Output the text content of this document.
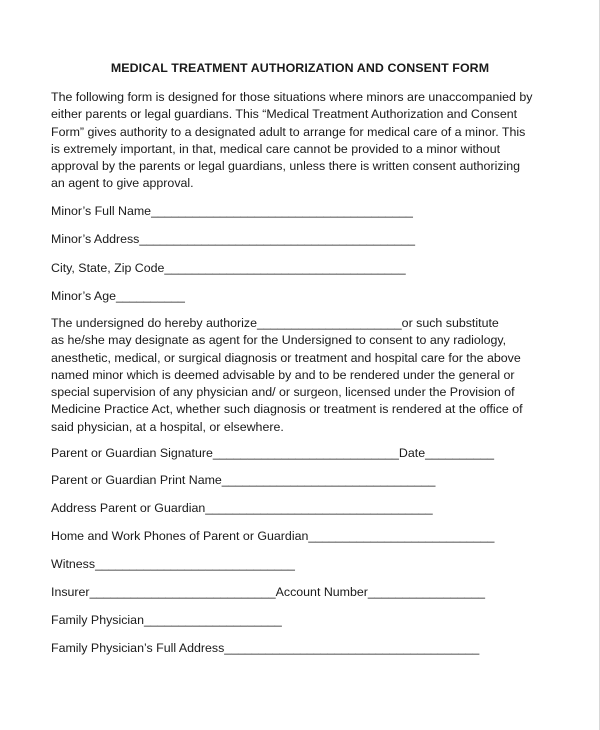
MEDICAL TREATMENT AUTHORIZATION AND CONSENT FORM

The following form is designed for those situations where minors are unaccompanied by
either parents or legal guardians. This “Medical Treatment Authorization and Consent
Form” gives authority to a designated adult to arrange for medical care of a minor. This
is extremely important, in that, medical care cannot be provided to a minor without
approval by the parents or legal guardians, unless there is written consent authorizing
an agent to give approval.

Minor’s Full Name______________________________________
Minor’s Address________________________________________
City, State, Zip Code___________________________________
Minor’s Age__________

The undersigned do hereby authorize_____________________or such substitute
as he/she may designate as agent for the Undersigned to consent to any radiology,
anesthetic, medical, or surgical diagnosis or treatment and hospital care for the above
named minor which is deemed advisable by and to be rendered under the general or
special supervision of any physician and/ or surgeon, licensed under the Provision of
Medicine Practice Act, whether such diagnosis or treatment is rendered at the office of
said physician, at a hospital, or elsewhere.

Parent or Guardian Signature___________________________Date__________
Parent or Guardian Print Name_______________________________
Address Parent or Guardian_________________________________
Home and Work Phones of Parent or Guardian___________________________
Witness_____________________________
Insurer___________________________Account Number_________________
Family Physician____________________
Family Physician’s Full Address_____________________________________
